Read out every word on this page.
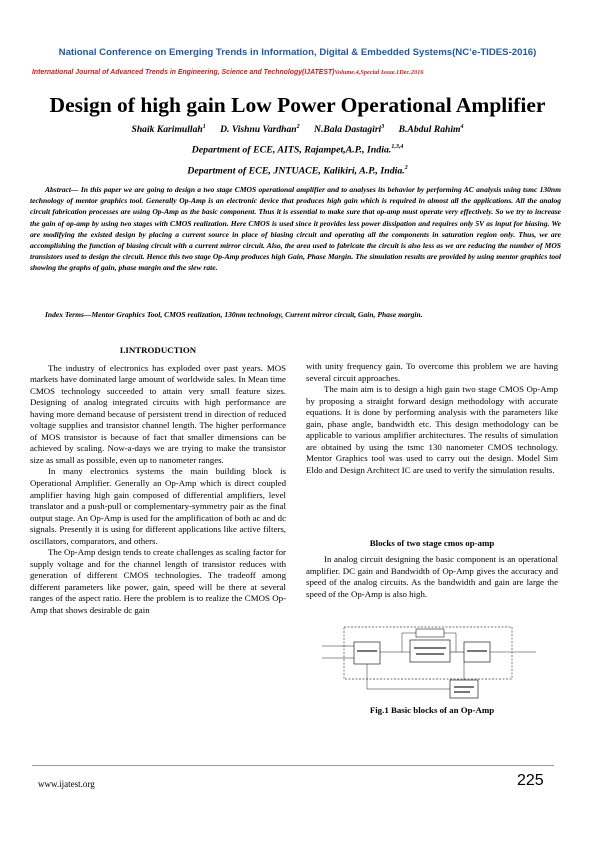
National Conference on Emerging Trends in Information, Digital & Embedded Systems(NC’e-TIDES-2016)
International Journal of Advanced Trends in Engineering, Science and Technology(IJATEST)Volume.4,Special Issue.1Dec.2016
Design of high gain Low Power Operational Amplifier
Shaik Karimullah$^1$ D. Vishnu Vardhan$^2$ N.Bala Dastagiri$^3$ B.Abdul Rahim$^4$
Department of ECE, AITS, Rajampet,A.P., India.$^{1,3,4}$
Department of ECE, JNTUACE, Kalikiri, A.P., India.$^2$
Abstract— In this paper we are going to design a two stage CMOS operational amplifier and to analyses its behavior by performing AC analysis using tsmc 130nm technology of mentor graphics tool. Generally Op-Amp is an electronic device that produces high gain which is required in almost all the applications. All the analog circuit fabrication processes are using Op-Amp as the basic component. Thus it is essential to make sure that op-amp must operate very effectively. So we try to increase the gain of op-amp by using two stages with CMOS realization. Here CMOS is used since it provides less power dissipation and requires only 5V as input for biasing. We are modifying the existed design by placing a current source in place of biasing circuit and operating all the components in saturation region only. Thus, we are accomplishing the function of biasing circuit with a current mirror circuit. Also, the area used to fabricate the circuit is also less as we are reducing the number of MOS transistors used to design the circuit. Hence this two stage Op-Amp produces high Gain, Phase Margin. The simulation results are provided by using mentor graphics tool showing the graphs of gain, phase margin and the slew rate.
Index Terms—Mentor Graphics Tool, CMOS realization, 130nm technology, Current mirror circuit, Gain, Phase margin.

I.INTRODUCTION

The industry of electronics has exploded over past years. MOS markets have dominated large amount of worldwide sales. In Mean time CMOS technology succeeded to attain very small feature sizes. Designing of analog integrated circuits with high performance are having more demand because of persistent trend in direction of reduced voltage supplies and transistor channel length. The higher performance of MOS transistor is because of fact that smaller dimensions can be achieved by scaling. Now-a-days we are trying to make the transistor size as small as possible, even up to nanometer ranges.

In many electronics systems the main building block is Operational Amplifier. Generally an Op-Amp which is direct coupled amplifier having high gain composed of differential amplifiers, level translator and a push-pull or complementary-symmetry pair as the final output stage. An Op-Amp is used for the amplification of both ac and dc signals. Presently it is using for different applications like active filters, oscillators, comparators, and others.

The Op-Amp design tends to create challenges as scaling factor for supply voltage and for the channel length of transistor reduces with generation of different CMOS technologies. The tradeoff among different parameters like power, gain, speed will be there at several ranges of the aspect ratio. Here the problem is to realize the CMOS Op-Amp that shows desirable dc gain

with unity frequency gain. To overcome this problem we are having several circuit approaches.

The main aim is to design a high gain two stage CMOS Op-Amp by proposing a straight forward design methodology with accurate equations. It is done by performing analysis with the parameters like gain, phase angle, bandwidth etc. This design methodology can be applicable to various amplifier architectures. The results of simulation are obtained by using the tsmc 130 nanometer CMOS technology. Mentor Graphics tool was used to carry out the design. Model Sim Eldo and Design Architect IC are used to verify the simulation results.

Blocks of two stage cmos op-amp

In analog circuit designing the basic component is an operational amplifier. DC gain and Bandwidth of Op-Amp gives the accuracy and speed of the analog circuits. As the bandwidth and gain are large the speed of the Op-Amp is also high.

Fig.1 Basic blocks of an Op-Amp
www.ijatest.org	225
